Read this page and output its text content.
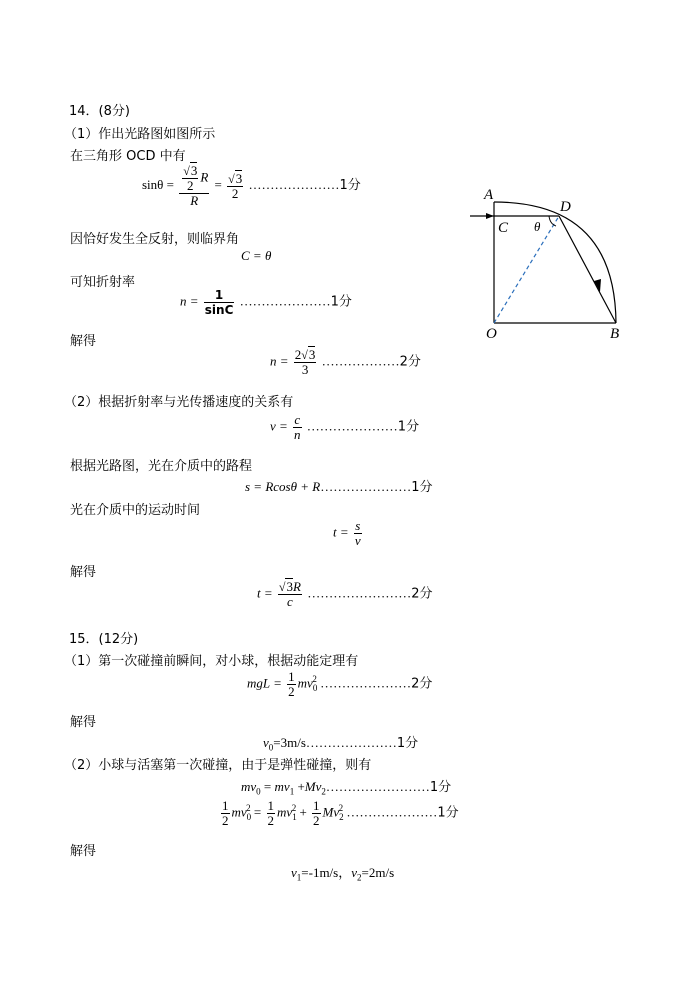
14．(8分)
（1）作出光路图如图所示
在三角形 OCD 中有
$\sin\theta = \frac{\frac{√3}{2} R}{R} = \frac{√3}{2}$ …………………1分
因恰好发生全反射，则临界角
C = θ
可知折射率
$n = \frac{1}{\sin C}$ …………………1分
解得
$n = \frac{2√3}{3}$ ………………2分
（2）根据折射率与光传播速度的关系有
$v = \frac{c}{n}$ …………………1分
根据光路图，光在介质中的路程
s = Rcosθ + R…………………1分
光在介质中的运动时间
$t = \frac{s}{v}$
解得
$t = \frac{√3R}{c}$ ……………………2分
15．(12分)
（1）第一次碰撞前瞬间，对小球，根据动能定理有
mgL = $\frac{1}{2} mv_0^2$ …………………2分
解得
$v_0=3m/s\dots\dots\dots\dots\dots\dots\dots 1$分
（2）小球与活塞第一次碰撞，由于是弹性碰撞，则有
$mv_0 = mv_1$ $+Mv_2\dots\dots\dots\dots\dots\dots\dots\dots 1$分
$\frac{1}{2} mv_0^2 = \frac{1}{2} mv_1^2 + \frac{1}{2} Mv_2^2$ …………………1分
解得
$v_1=-1m/s$，$v_2=2m/s$
A
D
C θ
O	B
